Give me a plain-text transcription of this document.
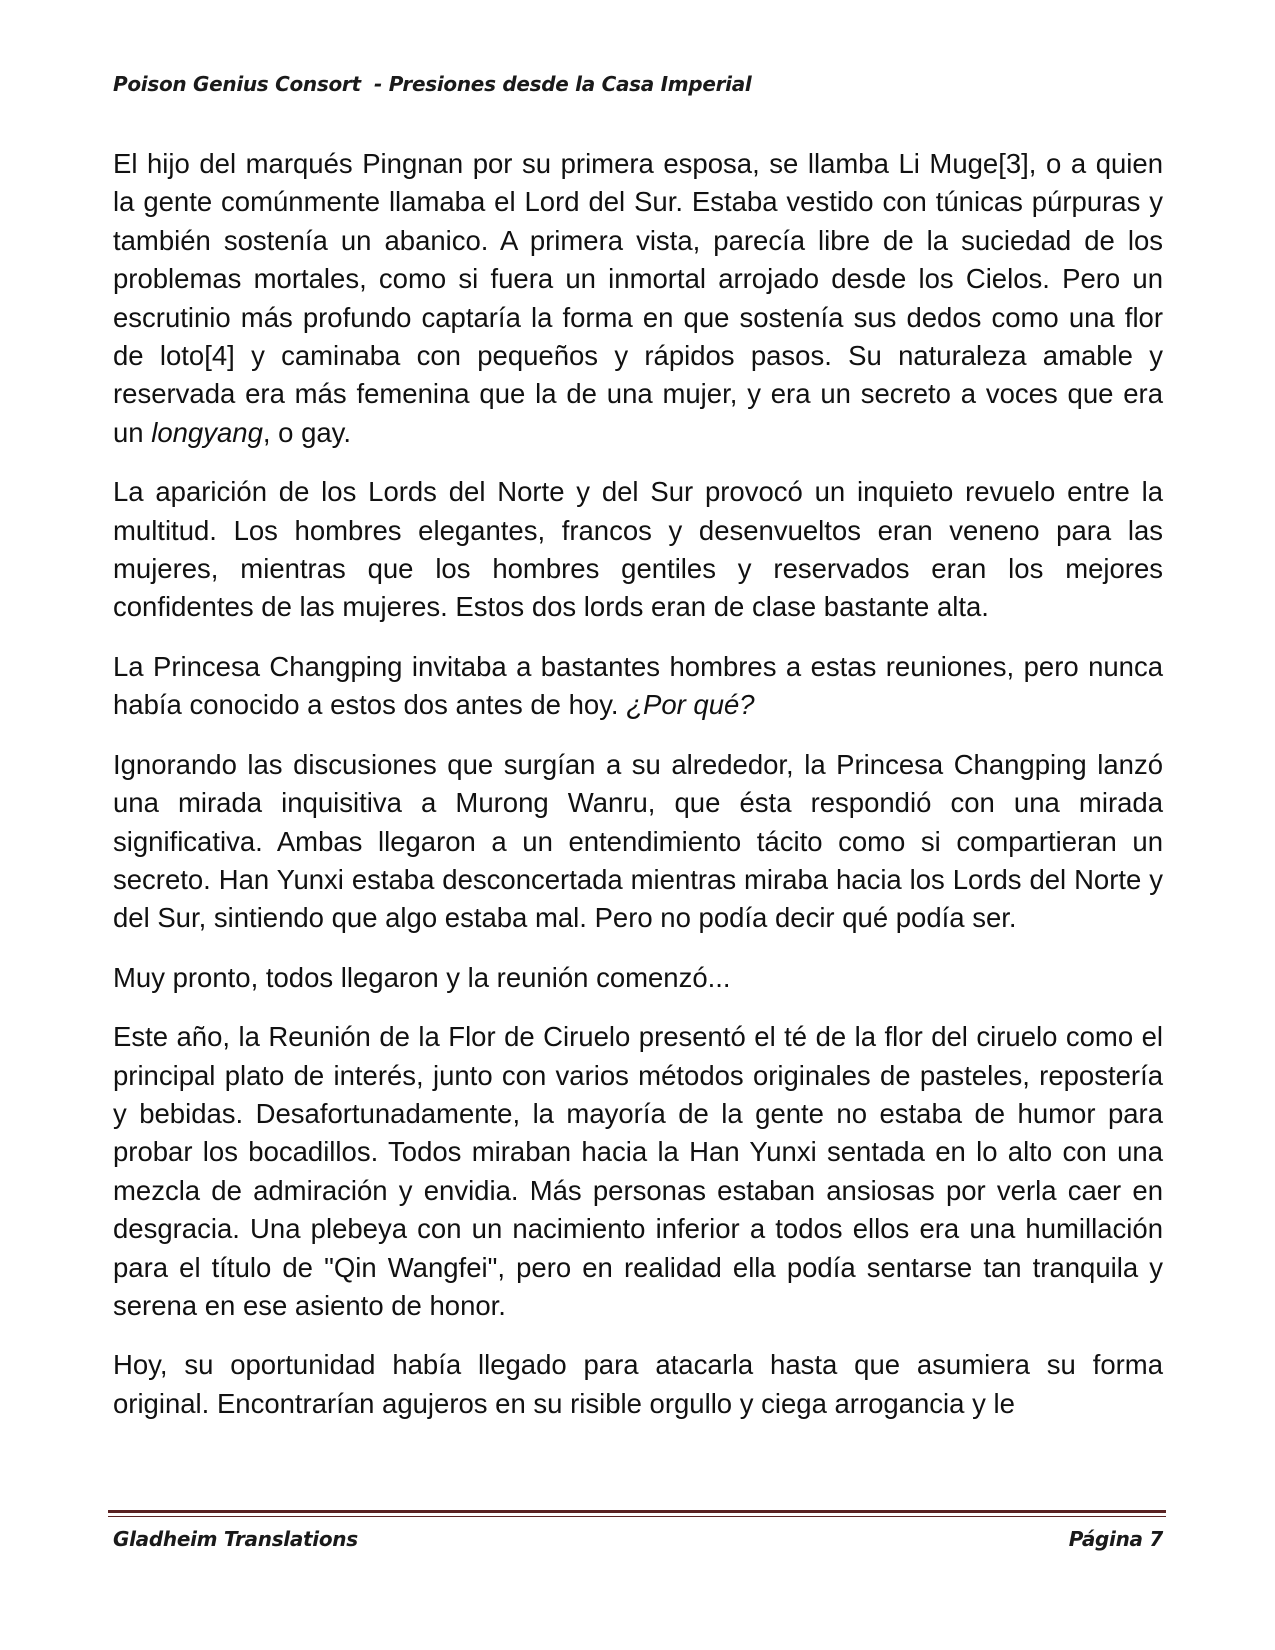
Poison Genius Consort  - Presiones desde la Casa Imperial

El hijo del marqués Pingnan por su primera esposa, se llamba Li Muge[3], o a quien la gente comúnmente llamaba el Lord del Sur. Estaba vestido con túnicas púrpuras y también sostenía un abanico. A primera vista, parecía libre de la suciedad de los problemas mortales, como si fuera un inmortal arrojado desde los Cielos. Pero un escrutinio más profundo captaría la forma en que sostenía sus dedos como una flor de loto[4] y caminaba con pequeños y rápidos pasos. Su naturaleza amable y reservada era más femenina que la de una mujer, y era un secreto a voces que era un longyang, o gay.

La aparición de los Lords del Norte y del Sur provocó un inquieto revuelo entre la multitud. Los hombres elegantes, francos y desenvueltos eran veneno para las mujeres, mientras que los hombres gentiles y reservados eran los mejores confidentes de las mujeres. Estos dos lords eran de clase bastante alta.

La Princesa Changping invitaba a bastantes hombres a estas reuniones, pero nunca había conocido a estos dos antes de hoy. ¿Por qué?

Ignorando las discusiones que surgían a su alrededor, la Princesa Changping lanzó una mirada inquisitiva a Murong Wanru, que ésta respondió con una mirada significativa. Ambas llegaron a un entendimiento tácito como si compartieran un secreto. Han Yunxi estaba desconcertada mientras miraba hacia los Lords del Norte y del Sur, sintiendo que algo estaba mal. Pero no podía decir qué podía ser.

Muy pronto, todos llegaron y la reunión comenzó...

Este año, la Reunión de la Flor de Ciruelo presentó el té de la flor del ciruelo como el principal plato de interés, junto con varios métodos originales de pasteles, repostería y bebidas. Desafortunadamente, la mayoría de la gente no estaba de humor para probar los bocadillos. Todos miraban hacia la Han Yunxi sentada en lo alto con una mezcla de admiración y envidia. Más personas estaban ansiosas por verla caer en desgracia. Una plebeya con un nacimiento inferior a todos ellos era una humillación para el título de "Qin Wangfei", pero en realidad ella podía sentarse tan tranquila y serena en ese asiento de honor.

Hoy, su oportunidad había llegado para atacarla hasta que asumiera su forma original. Encontrarían agujeros en su risible orgullo y ciega arrogancia y le

Gladheim Translations	Página 7
